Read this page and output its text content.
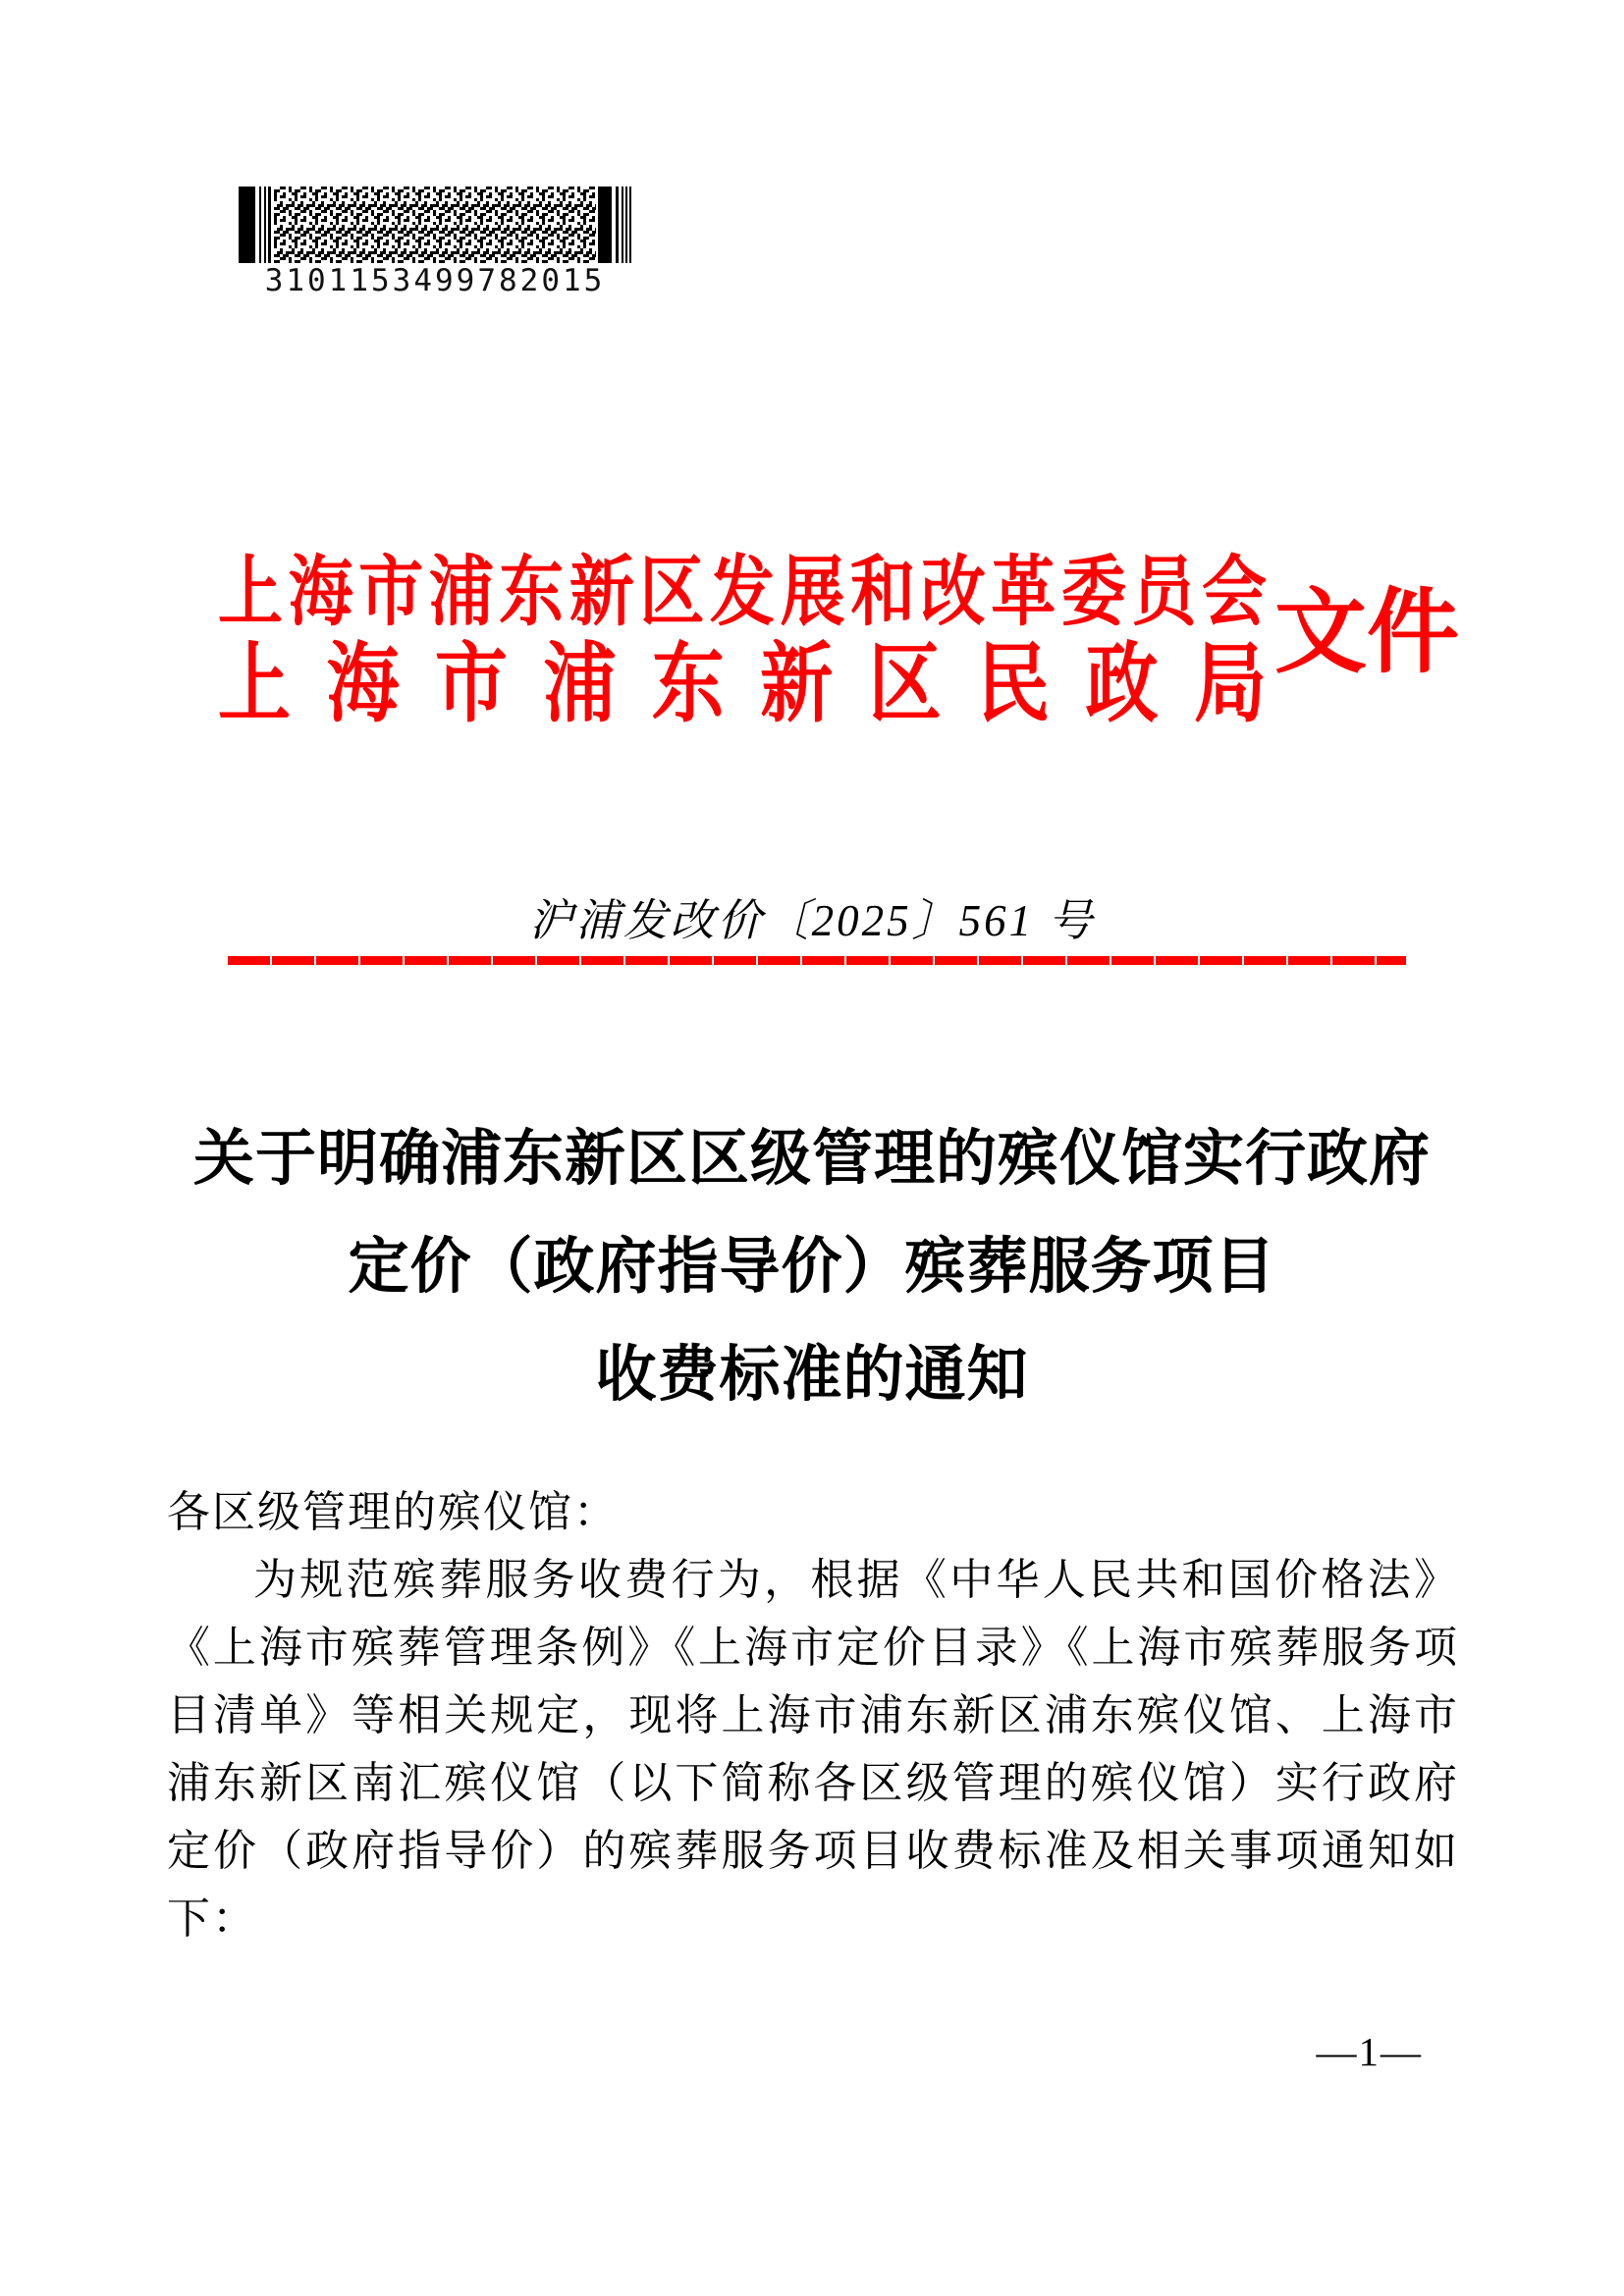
3101153499782015
上海市浦东新区发展和改革委员会
上海市浦东新区民政局
文件
沪浦发改价〔2025〕561 号
关于明确浦东新区区级管理的殡仪馆实行政府
定价（政府指导价）殡葬服务项目
收费标准的通知
各区级管理的殡仪馆：
为规范殡葬服务收费行为，根据《中华人民共和国价格法》
《上海市殡葬管理条例》《上海市定价目录》《上海市殡葬服务项
目清单》等相关规定，现将上海市浦东新区浦东殡仪馆、上海市
浦东新区南汇殡仪馆（以下简称各区级管理的殡仪馆）实行政府
定价（政府指导价）的殡葬服务项目收费标准及相关事项通知如
下：
—1—
